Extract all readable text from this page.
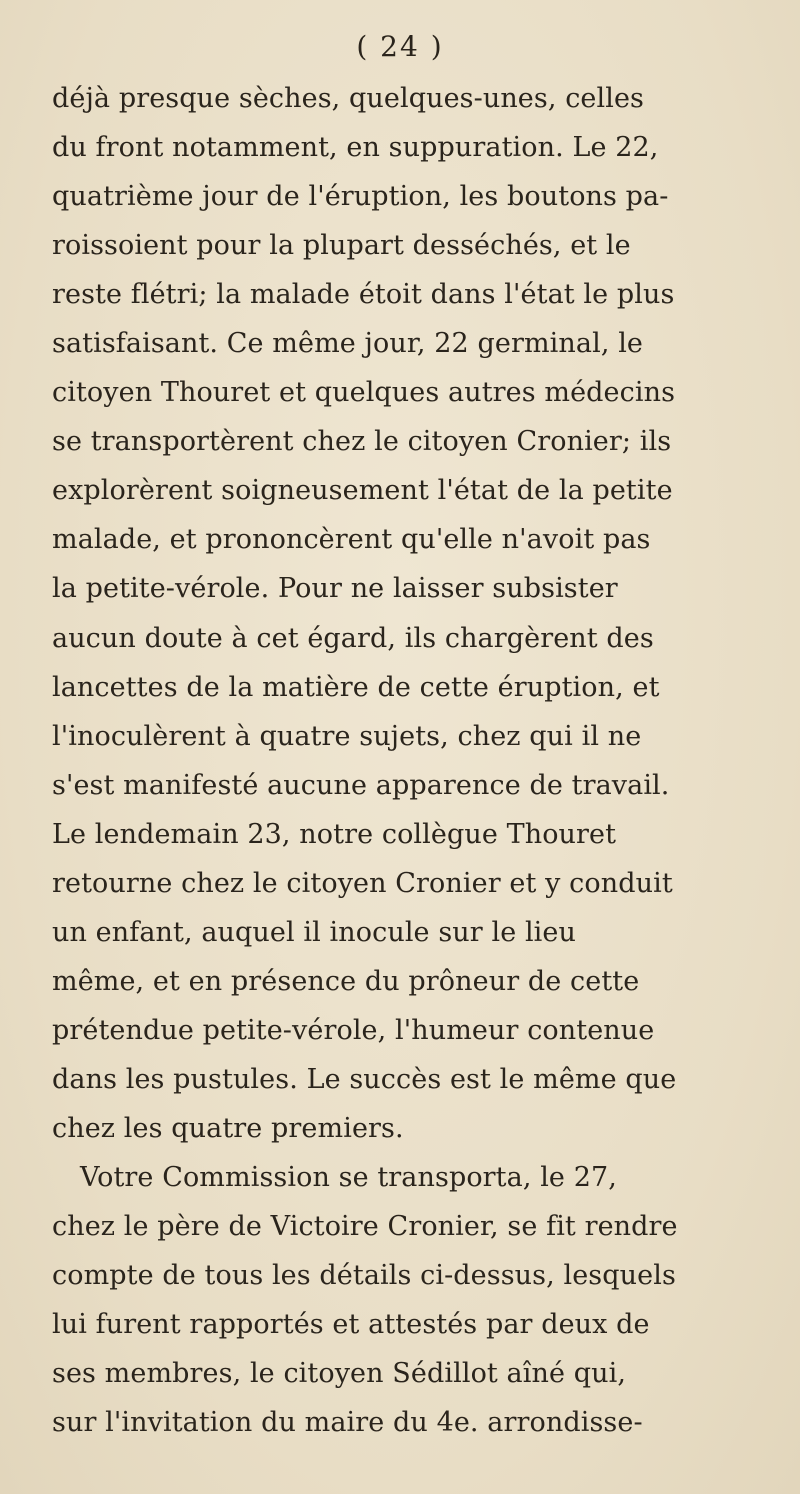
( 24 )
déjà presque sèches, quelques-unes, celles
du front notamment, en suppuration. Le 22,
quatrième jour de l'éruption, les boutons pa-
roissoient pour la plupart desséchés, et le
reste flétri; la malade étoit dans l'état le plus
satisfaisant. Ce même jour, 22 germinal, le
citoyen Thouret et quelques autres médecins
se transportèrent chez le citoyen Cronier; ils
explorèrent soigneusement l'état de la petite
malade, et prononcèrent qu'elle n'avoit pas
la petite-vérole. Pour ne laisser subsister
aucun doute à cet égard, ils chargèrent des
lancettes de la matière de cette éruption, et
l'inoculèrent à quatre sujets, chez qui il ne
s'est manifesté aucune apparence de travail.
Le lendemain 23, notre collègue Thouret
retourne chez le citoyen Cronier et y conduit
un enfant, auquel il inocule sur le lieu
même, et en présence du prôneur de cette
prétendue petite-vérole, l'humeur contenue
dans les pustules. Le succès est le même que
chez les quatre premiers.
Votre Commission se transporta, le 27,
chez le père de Victoire Cronier, se fit rendre
compte de tous les détails ci-dessus, lesquels
lui furent rapportés et attestés par deux de
ses membres, le citoyen Sédillot aîné qui,
sur l'invitation du maire du 4e. arrondisse-
